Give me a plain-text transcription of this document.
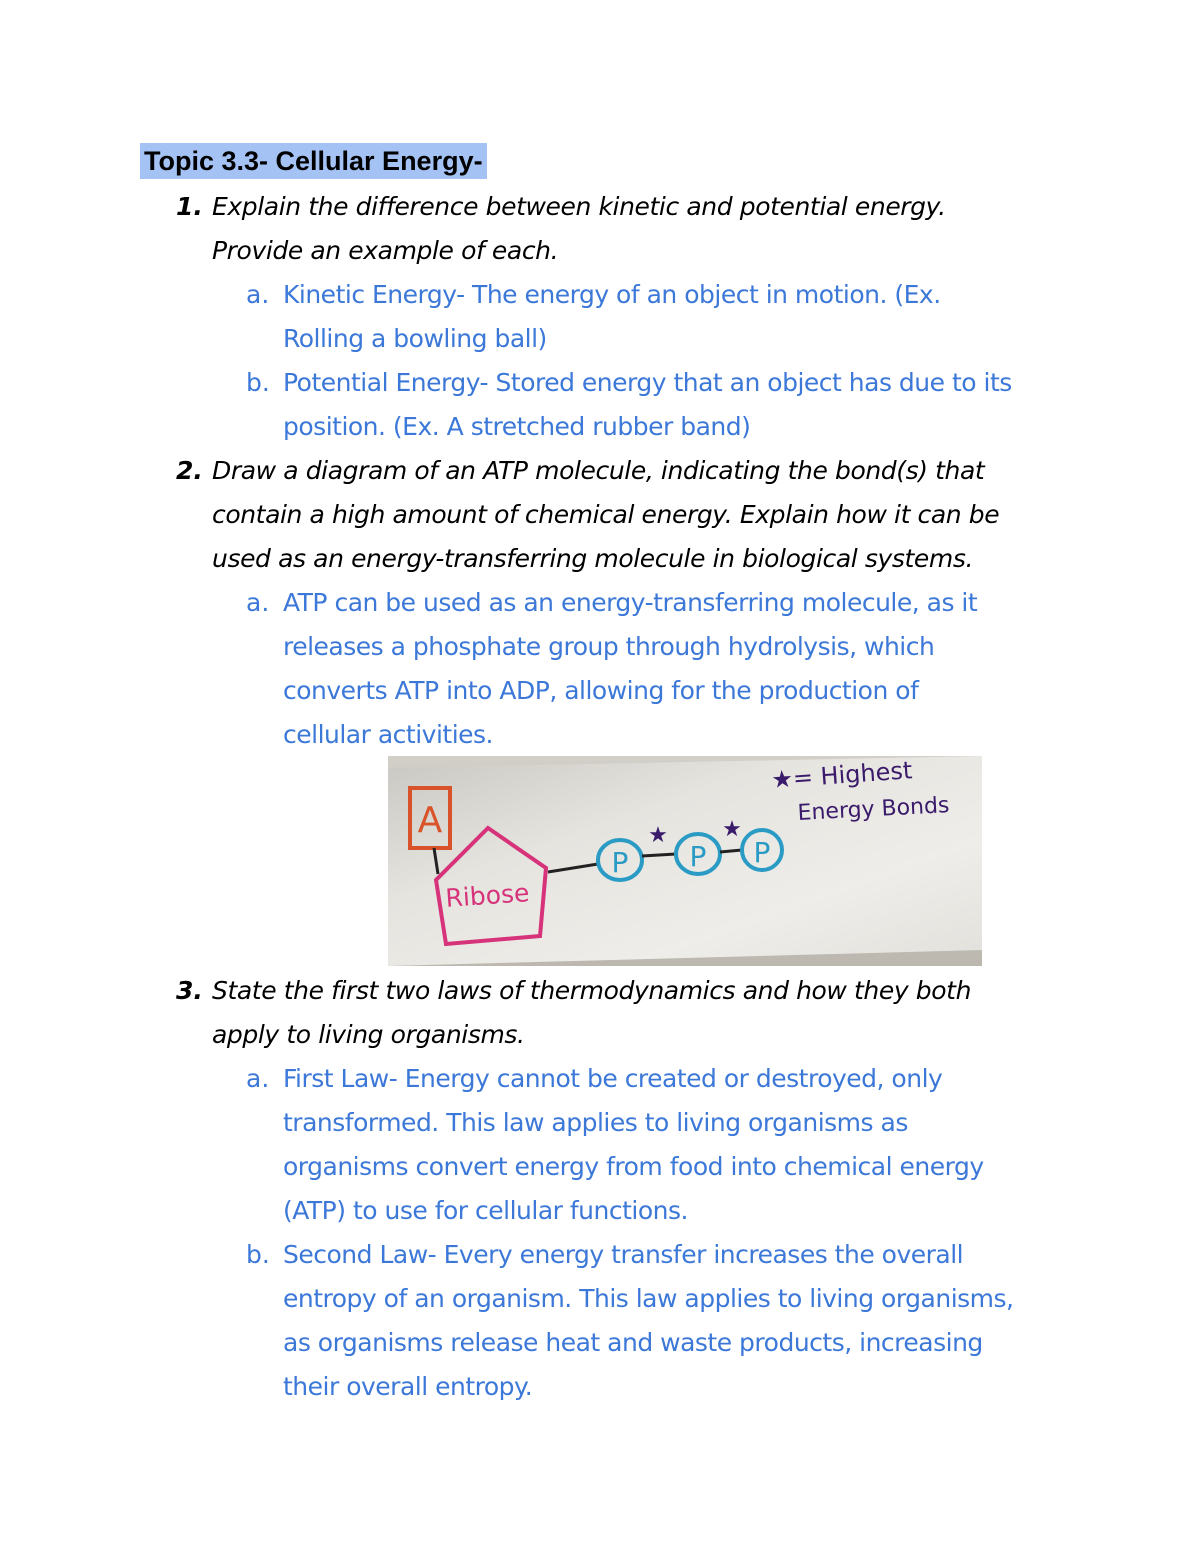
Topic 3.3- Cellular Energy-
1. Explain the difference between kinetic and potential energy.
Provide an example of each.
a. Kinetic Energy- The energy of an object in motion. (Ex.
Rolling a bowling ball)
b. Potential Energy- Stored energy that an object has due to its
position. (Ex. A stretched rubber band)
2. Draw a diagram of an ATP molecule, indicating the bond(s) that
contain a high amount of chemical energy. Explain how it can be
used as an energy-transferring molecule in biological systems.
a. ATP can be used as an energy-transferring molecule, as it
releases a phosphate group through hydrolysis, which
converts ATP into ADP, allowing for the production of
cellular activities.
A
Ribose
P
★
P
★
P
★= Highest
Energy Bonds
3. State the first two laws of thermodynamics and how they both
apply to living organisms.
a. First Law- Energy cannot be created or destroyed, only
transformed. This law applies to living organisms as
organisms convert energy from food into chemical energy
(ATP) to use for cellular functions.
b. Second Law- Every energy transfer increases the overall
entropy of an organism. This law applies to living organisms,
as organisms release heat and waste products, increasing
their overall entropy.
